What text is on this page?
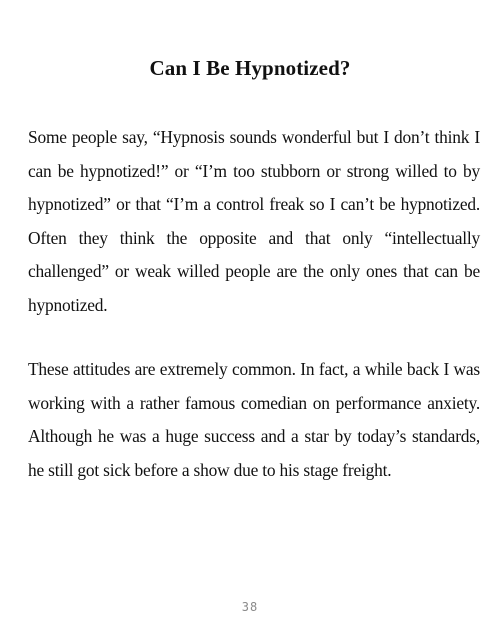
Can I Be Hypnotized?

Some people say, “Hypnosis sounds wonderful but I don’t think I can be hypnotized!” or “I’m too stubborn or strong willed to by hypnotized” or that “I’m a control freak so I can’t be hypnotized. Often they think the opposite and that only “intellectually challenged” or weak willed people are the only ones that can be hypnotized.

These attitudes are extremely common. In fact, a while back I was working with a rather famous comedian on performance anxiety. Although he was a huge success and a star by today’s standards, he still got sick before a show due to his stage freight.

38
